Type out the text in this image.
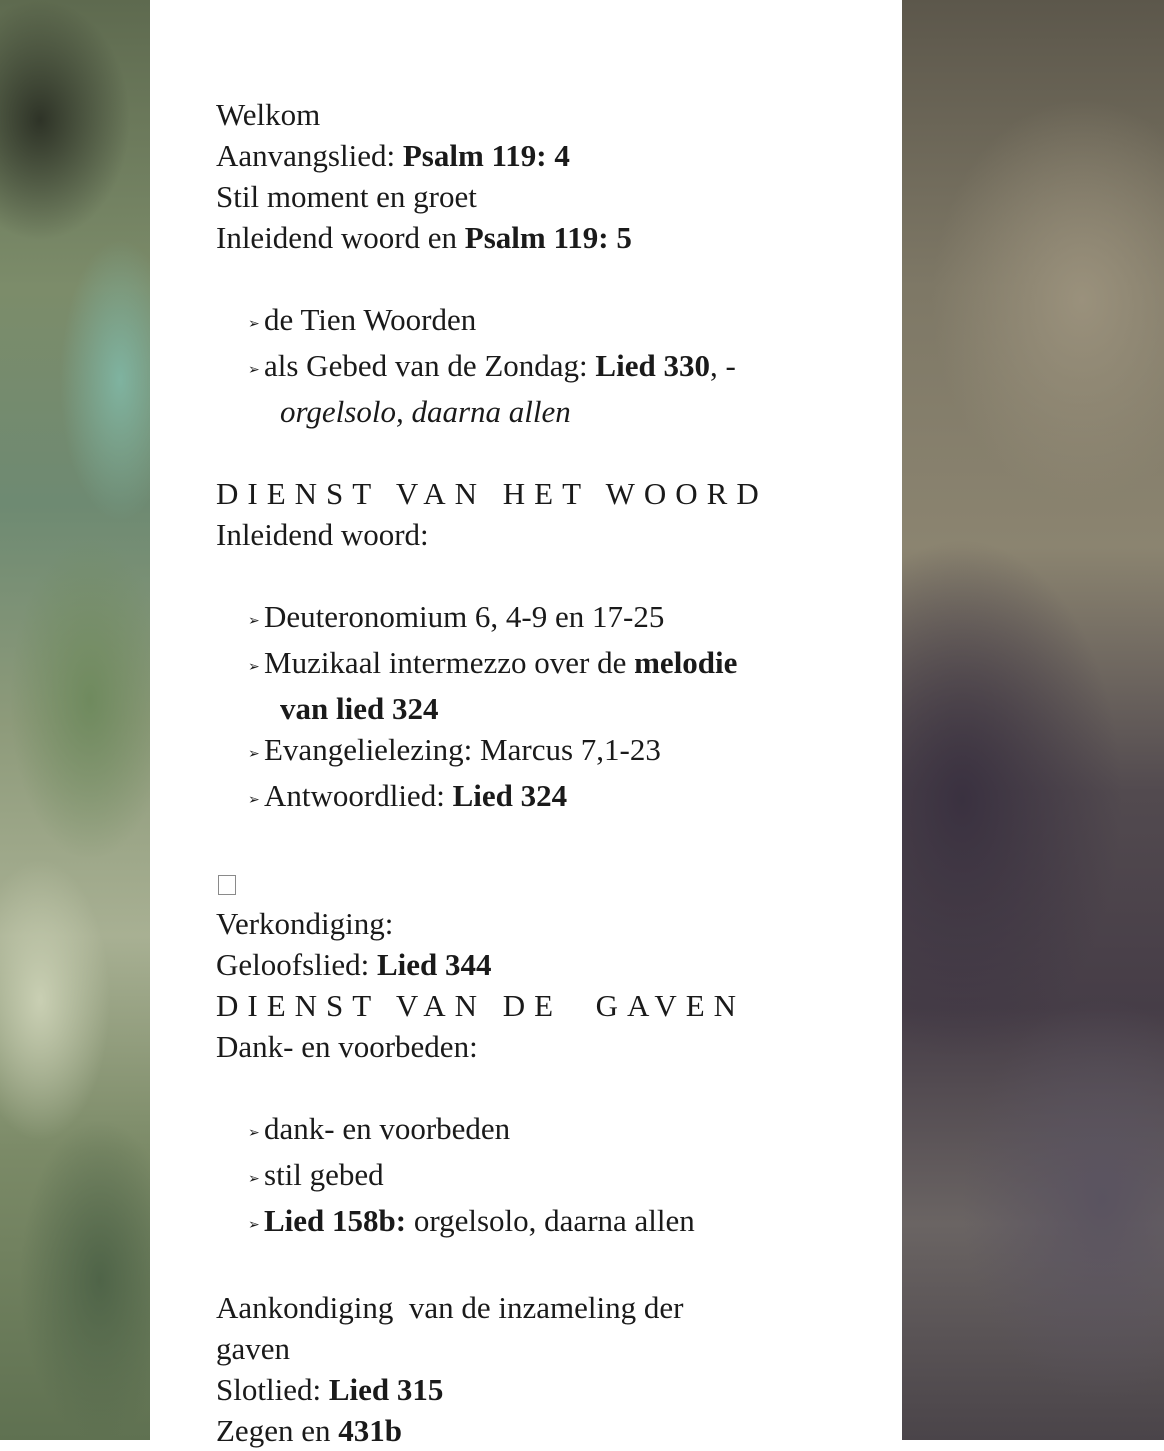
Welkom
Aanvangslied: Psalm 119: 4
Stil moment en groet
Inleidend woord en Psalm 119: 5
➢ de Tien Woorden
➢ als Gebed van de Zondag: Lied 330, -
orgelsolo, daarna allen
DIENST VAN HET WOORD
Inleidend woord:
➢ Deuteronomium 6, 4-9 en 17-25
➢ Muzikaal intermezzo over de melodie
van lied 324
➢ Evangelielezing: Marcus 7,1-23
➢ Antwoordlied: Lied 324
Verkondiging:
Geloofslied: Lied 344
DIENST VAN DE  GAVEN
Dank- en voorbeden:
➢ dank- en voorbeden
➢ stil gebed
➢ Lied 158b: orgelsolo, daarna allen
Aankondiging  van de inzameling der
gaven
Slotlied: Lied 315
Zegen en 431b
